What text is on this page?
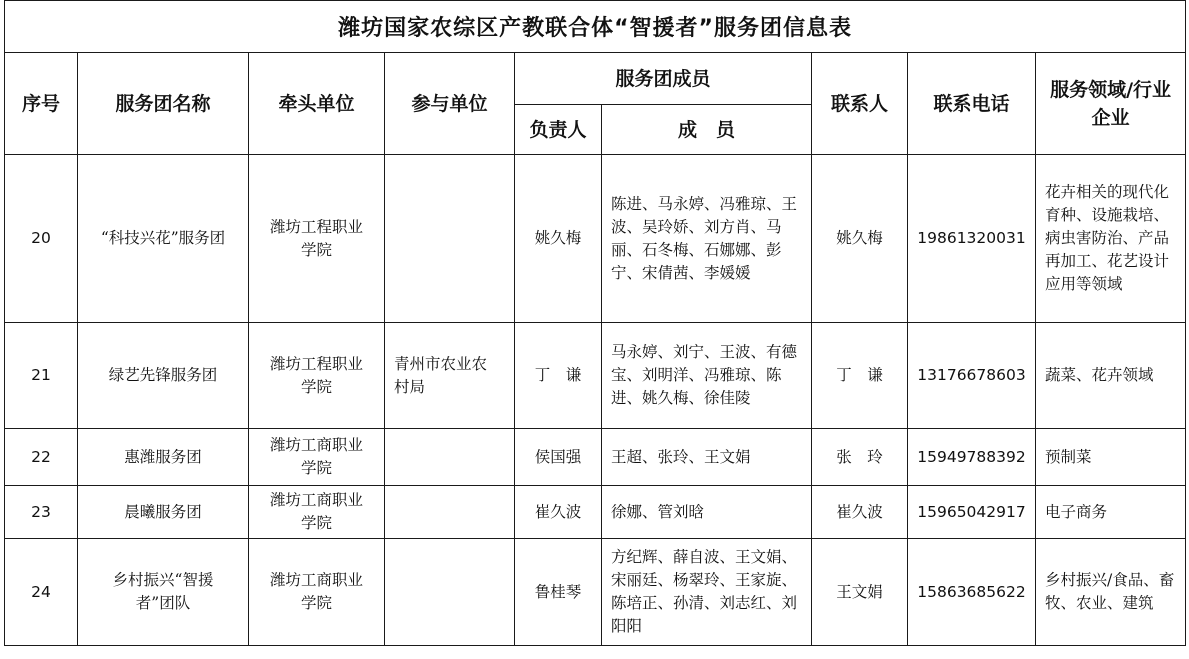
潍坊国家农综区产教联合体“智援者”服务团信息表								
序号	服务团名称	牵头单位	参与单位	服务团成员		联系人	联系电话	服务领域/行业企业
				负责人	成　员			
20	“科技兴花”服务团	潍坊工程职业学院		姚久梅	陈进、马永婷、冯雅琼、王波、吴玲娇、刘方肖、马丽、石冬梅、石娜娜、彭宁、宋倩茜、李媛媛	姚久梅	19861320031	花卉相关的现代化育种、设施栽培、病虫害防治、产品再加工、花艺设计应用等领域
21	绿艺先锋服务团	潍坊工程职业学院	青州市农业农村局	丁　谦	马永婷、刘宁、王波、有德宝、刘明洋、冯雅琼、陈进、姚久梅、徐佳陵	丁　谦	13176678603	蔬菜、花卉领域
22	惠潍服务团	潍坊工商职业学院		侯国强	王超、张玲、王文娟	张　玲	15949788392	预制菜
23	晨曦服务团	潍坊工商职业学院		崔久波	徐娜、管刘晗	崔久波	15965042917	电子商务
24	乡村振兴“智援者”团队	潍坊工商职业学院		鲁桂琴	方纪辉、薛自波、王文娟、宋丽廷、杨翠玲、王家旋、陈培正、孙清、刘志红、刘阳阳	王文娟	15863685622	乡村振兴/食品、畜牧、农业、建筑
